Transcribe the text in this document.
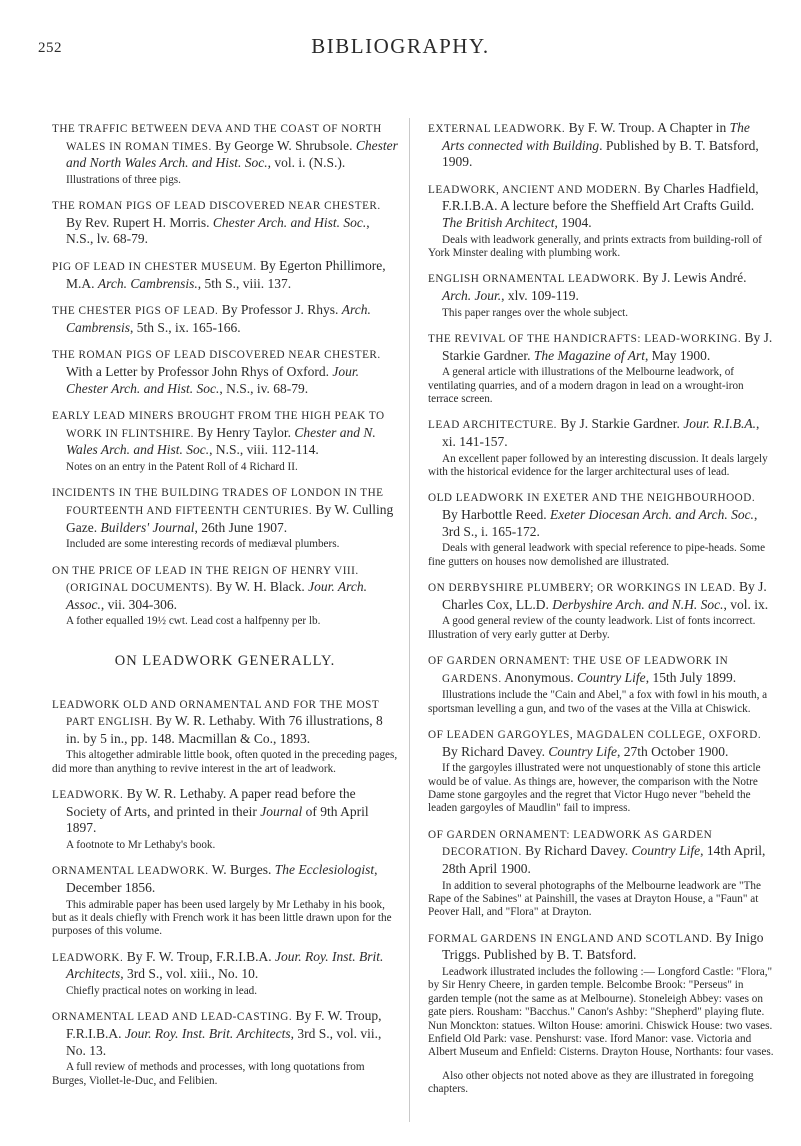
252	BIBLIOGRAPHY.

THE TRAFFIC BETWEEN DEVA AND THE COAST OF NORTH WALES IN ROMAN TIMES. By George W. Shrubsole. Chester and North Wales Arch. and Hist. Soc., vol. i. (N.S.).

Illustrations of three pigs.

THE ROMAN PIGS OF LEAD DISCOVERED NEAR CHESTER. By Rev. Rupert H. Morris. Chester Arch. and Hist. Soc., N.S., lv. 68-79.

PIG OF LEAD IN CHESTER MUSEUM. By Egerton Phillimore, M.A. Arch. Cambrensis., 5th S., viii. 137.

THE CHESTER PIGS OF LEAD. By Professor J. Rhys. Arch. Cambrensis, 5th S., ix. 165-166.

THE ROMAN PIGS OF LEAD DISCOVERED NEAR CHESTER. With a Letter by Professor John Rhys of Oxford. Jour. Chester Arch. and Hist. Soc., N.S., iv. 68-79.

EARLY LEAD MINERS BROUGHT FROM THE HIGH PEAK TO WORK IN FLINTSHIRE. By Henry Taylor. Chester and N. Wales Arch. and Hist. Soc., N.S., viii. 112-114.

Notes on an entry in the Patent Roll of 4 Richard II.

INCIDENTS IN THE BUILDING TRADES OF LONDON IN THE FOURTEENTH AND FIFTEENTH CENTURIES. By W. Culling Gaze. Builders' Journal, 26th June 1907.

Included are some interesting records of mediæval plumbers.

ON THE PRICE OF LEAD IN THE REIGN OF HENRY VIII. (ORIGINAL DOCUMENTS). By W. H. Black. Jour. Arch. Assoc., vii. 304-306.

A fother equalled 19½ cwt. Lead cost a halfpenny per lb.

ON LEADWORK GENERALLY.

LEADWORK OLD AND ORNAMENTAL AND FOR THE MOST PART ENGLISH. By W. R. Lethaby. With 76 illustrations, 8 in. by 5 in., pp. 148. Macmillan & Co., 1893.

This altogether admirable little book, often quoted in the preceding pages, did more than anything to revive interest in the art of leadwork.

LEADWORK. By W. R. Lethaby. A paper read before the Society of Arts, and printed in their Journal of 9th April 1897.

A footnote to Mr Lethaby's book.

ORNAMENTAL LEADWORK. W. Burges. The Ecclesiologist, December 1856.

This admirable paper has been used largely by Mr Lethaby in his book, but as it deals chiefly with French work it has been little drawn upon for the purposes of this volume.

LEADWORK. By F. W. Troup, F.R.I.B.A. Jour. Roy. Inst. Brit. Architects, 3rd S., vol. xiii., No. 10.

Chiefly practical notes on working in lead.

ORNAMENTAL LEAD AND LEAD-CASTING. By F. W. Troup, F.R.I.B.A. Jour. Roy. Inst. Brit. Architects, 3rd S., vol. vii., No. 13.

A full review of methods and processes, with long quotations from Burges, Viollet-le-Duc, and Felibien.

EXTERNAL LEADWORK. By F. W. Troup. A Chapter in The Arts connected with Building. Published by B. T. Batsford, 1909.

LEADWORK, ANCIENT AND MODERN. By Charles Hadfield, F.R.I.B.A. A lecture before the Sheffield Art Crafts Guild. The British Architect, 1904.

Deals with leadwork generally, and prints extracts from building-roll of York Minster dealing with plumbing work.

ENGLISH ORNAMENTAL LEADWORK. By J. Lewis André. Arch. Jour., xlv. 109-119.

This paper ranges over the whole subject.

THE REVIVAL OF THE HANDICRAFTS: LEAD-WORKING. By J. Starkie Gardner. The Magazine of Art, May 1900.

A general article with illustrations of the Melbourne leadwork, of ventilating quarries, and of a modern dragon in lead on a wrought-iron terrace screen.

LEAD ARCHITECTURE. By J. Starkie Gardner. Jour. R.I.B.A., xi. 141-157.

An excellent paper followed by an interesting discussion. It deals largely with the historical evidence for the larger architectural uses of lead.

OLD LEADWORK IN EXETER AND THE NEIGHBOURHOOD. By Harbottle Reed. Exeter Diocesan Arch. and Arch. Soc., 3rd S., i. 165-172.

Deals with general leadwork with special reference to pipe-heads. Some fine gutters on houses now demolished are illustrated.

ON DERBYSHIRE PLUMBERY; OR WORKINGS IN LEAD. By J. Charles Cox, LL.D. Derbyshire Arch. and N.H. Soc., vol. ix.

A good general review of the county leadwork. List of fonts incorrect. Illustration of very early gutter at Derby.

OF GARDEN ORNAMENT: THE USE OF LEADWORK IN GARDENS. Anonymous. Country Life, 15th July 1899.

Illustrations include the "Cain and Abel," a fox with fowl in his mouth, a sportsman levelling a gun, and two of the vases at the Villa at Chiswick.

OF LEADEN GARGOYLES, MAGDALEN COLLEGE, OXFORD. By Richard Davey. Country Life, 27th October 1900.

If the gargoyles illustrated were not unquestionably of stone this article would be of value. As things are, however, the comparison with the Notre Dame stone gargoyles and the regret that Victor Hugo never "beheld the leaden gargoyles of Maudlin" fail to impress.

OF GARDEN ORNAMENT: LEADWORK AS GARDEN DECORATION. By Richard Davey. Country Life, 14th April, 28th April 1900.

In addition to several photographs of the Melbourne leadwork are "The Rape of the Sabines" at Painshill, the vases at Drayton House, a "Faun" at Peover Hall, and "Flora" at Drayton.

FORMAL GARDENS IN ENGLAND AND SCOTLAND. By Inigo Triggs. Published by B. T. Batsford.

Leadwork illustrated includes the following :— Longford Castle: "Flora," by Sir Henry Cheere, in garden temple. Belcombe Brook: "Perseus" in garden temple (not the same as at Melbourne). Stoneleigh Abbey: vases on gate piers. Rousham: "Bacchus." Canon's Ashby: "Shepherd" playing flute. Nun Monckton: statues. Wilton House: amorini. Chiswick House: two vases. Enfield Old Park: vase. Penshurst: vase. Iford Manor: vase. Victoria and Albert Museum and Enfield: Cisterns. Drayton House, Northants: four vases.

Also other objects not noted above as they are illustrated in foregoing chapters.
